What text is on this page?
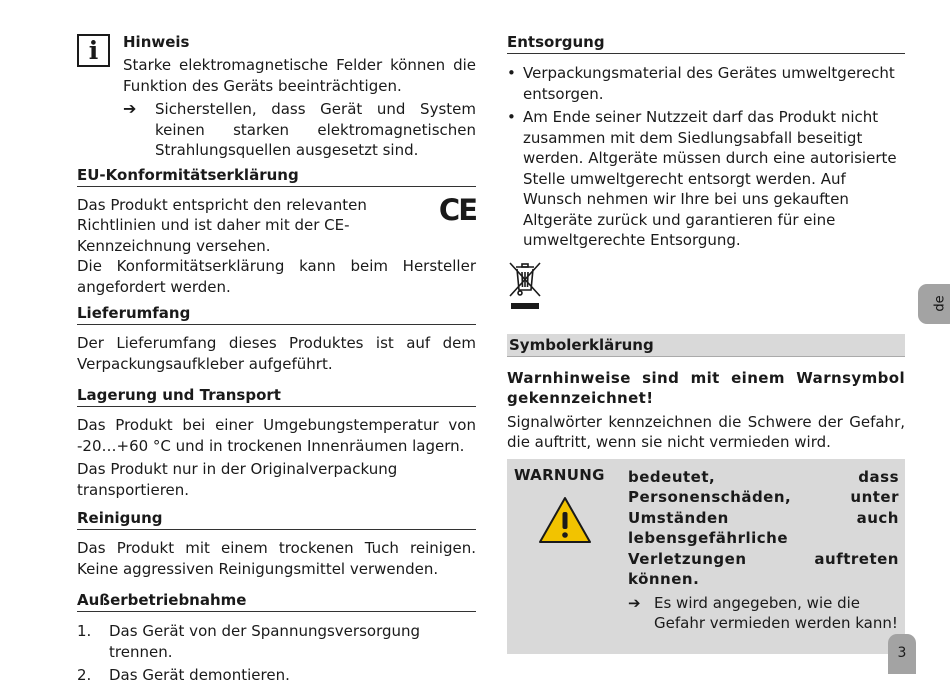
i	Hinweis

Starke elektromagnetische Felder können die Funktion des Geräts beeinträchtigen.

➔ Sicherstellen, dass Gerät und System keinen starken elektromagnetischen Strahlungsquellen ausgesetzt sind.

EU-Konformitätserklärung
CE

Das Produkt entspricht den relevanten Richtlinien und ist daher mit der CE-Kennzeichnung versehen.

Die Konformitätserklärung kann beim Hersteller angefordert werden.

Lieferumfang

Der Lieferumfang dieses Produktes ist auf dem Verpackungsaufkleber aufgeführt.

Lagerung und Transport

Das Produkt bei einer Umgebungstemperatur von -20…+60 °C und in trockenen Innenräumen lagern.

Das Produkt nur in der Originalverpackung transportieren.

Reinigung

Das Produkt mit einem trockenen Tuch reinigen. Keine aggressiven Reinigungsmittel verwenden.

Außerbetriebnahme
1. Das Gerät von der Spannungsversorgung trennen.
2. Das Gerät demontieren.
Entsorgung
• Verpackungsmaterial des Gerätes umweltgerecht entsorgen.
• Am Ende seiner Nutzzeit darf das Produkt nicht zusammen mit dem Siedlungsabfall beseitigt werden. Altgeräte müssen durch eine autorisierte Stelle umweltgerecht entsorgt werden. Auf Wunsch nehmen wir Ihre bei uns gekauften Altgeräte zurück und garantieren für eine umweltgerechte Entsorgung.
Symbolerklärung

Warnhinweise sind mit einem Warnsymbol gekennzeichnet!

Signalwörter kennzeichnen die Schwere der Gefahr, die auftritt, wenn sie nicht vermieden wird.

WARNUNG bedeutet, dass Personenschäden, unter Umständen auch lebensgefährliche Verletzungen auftreten können.

➔ Es wird angegeben, wie die Gefahr vermieden werden kann!
de
3
